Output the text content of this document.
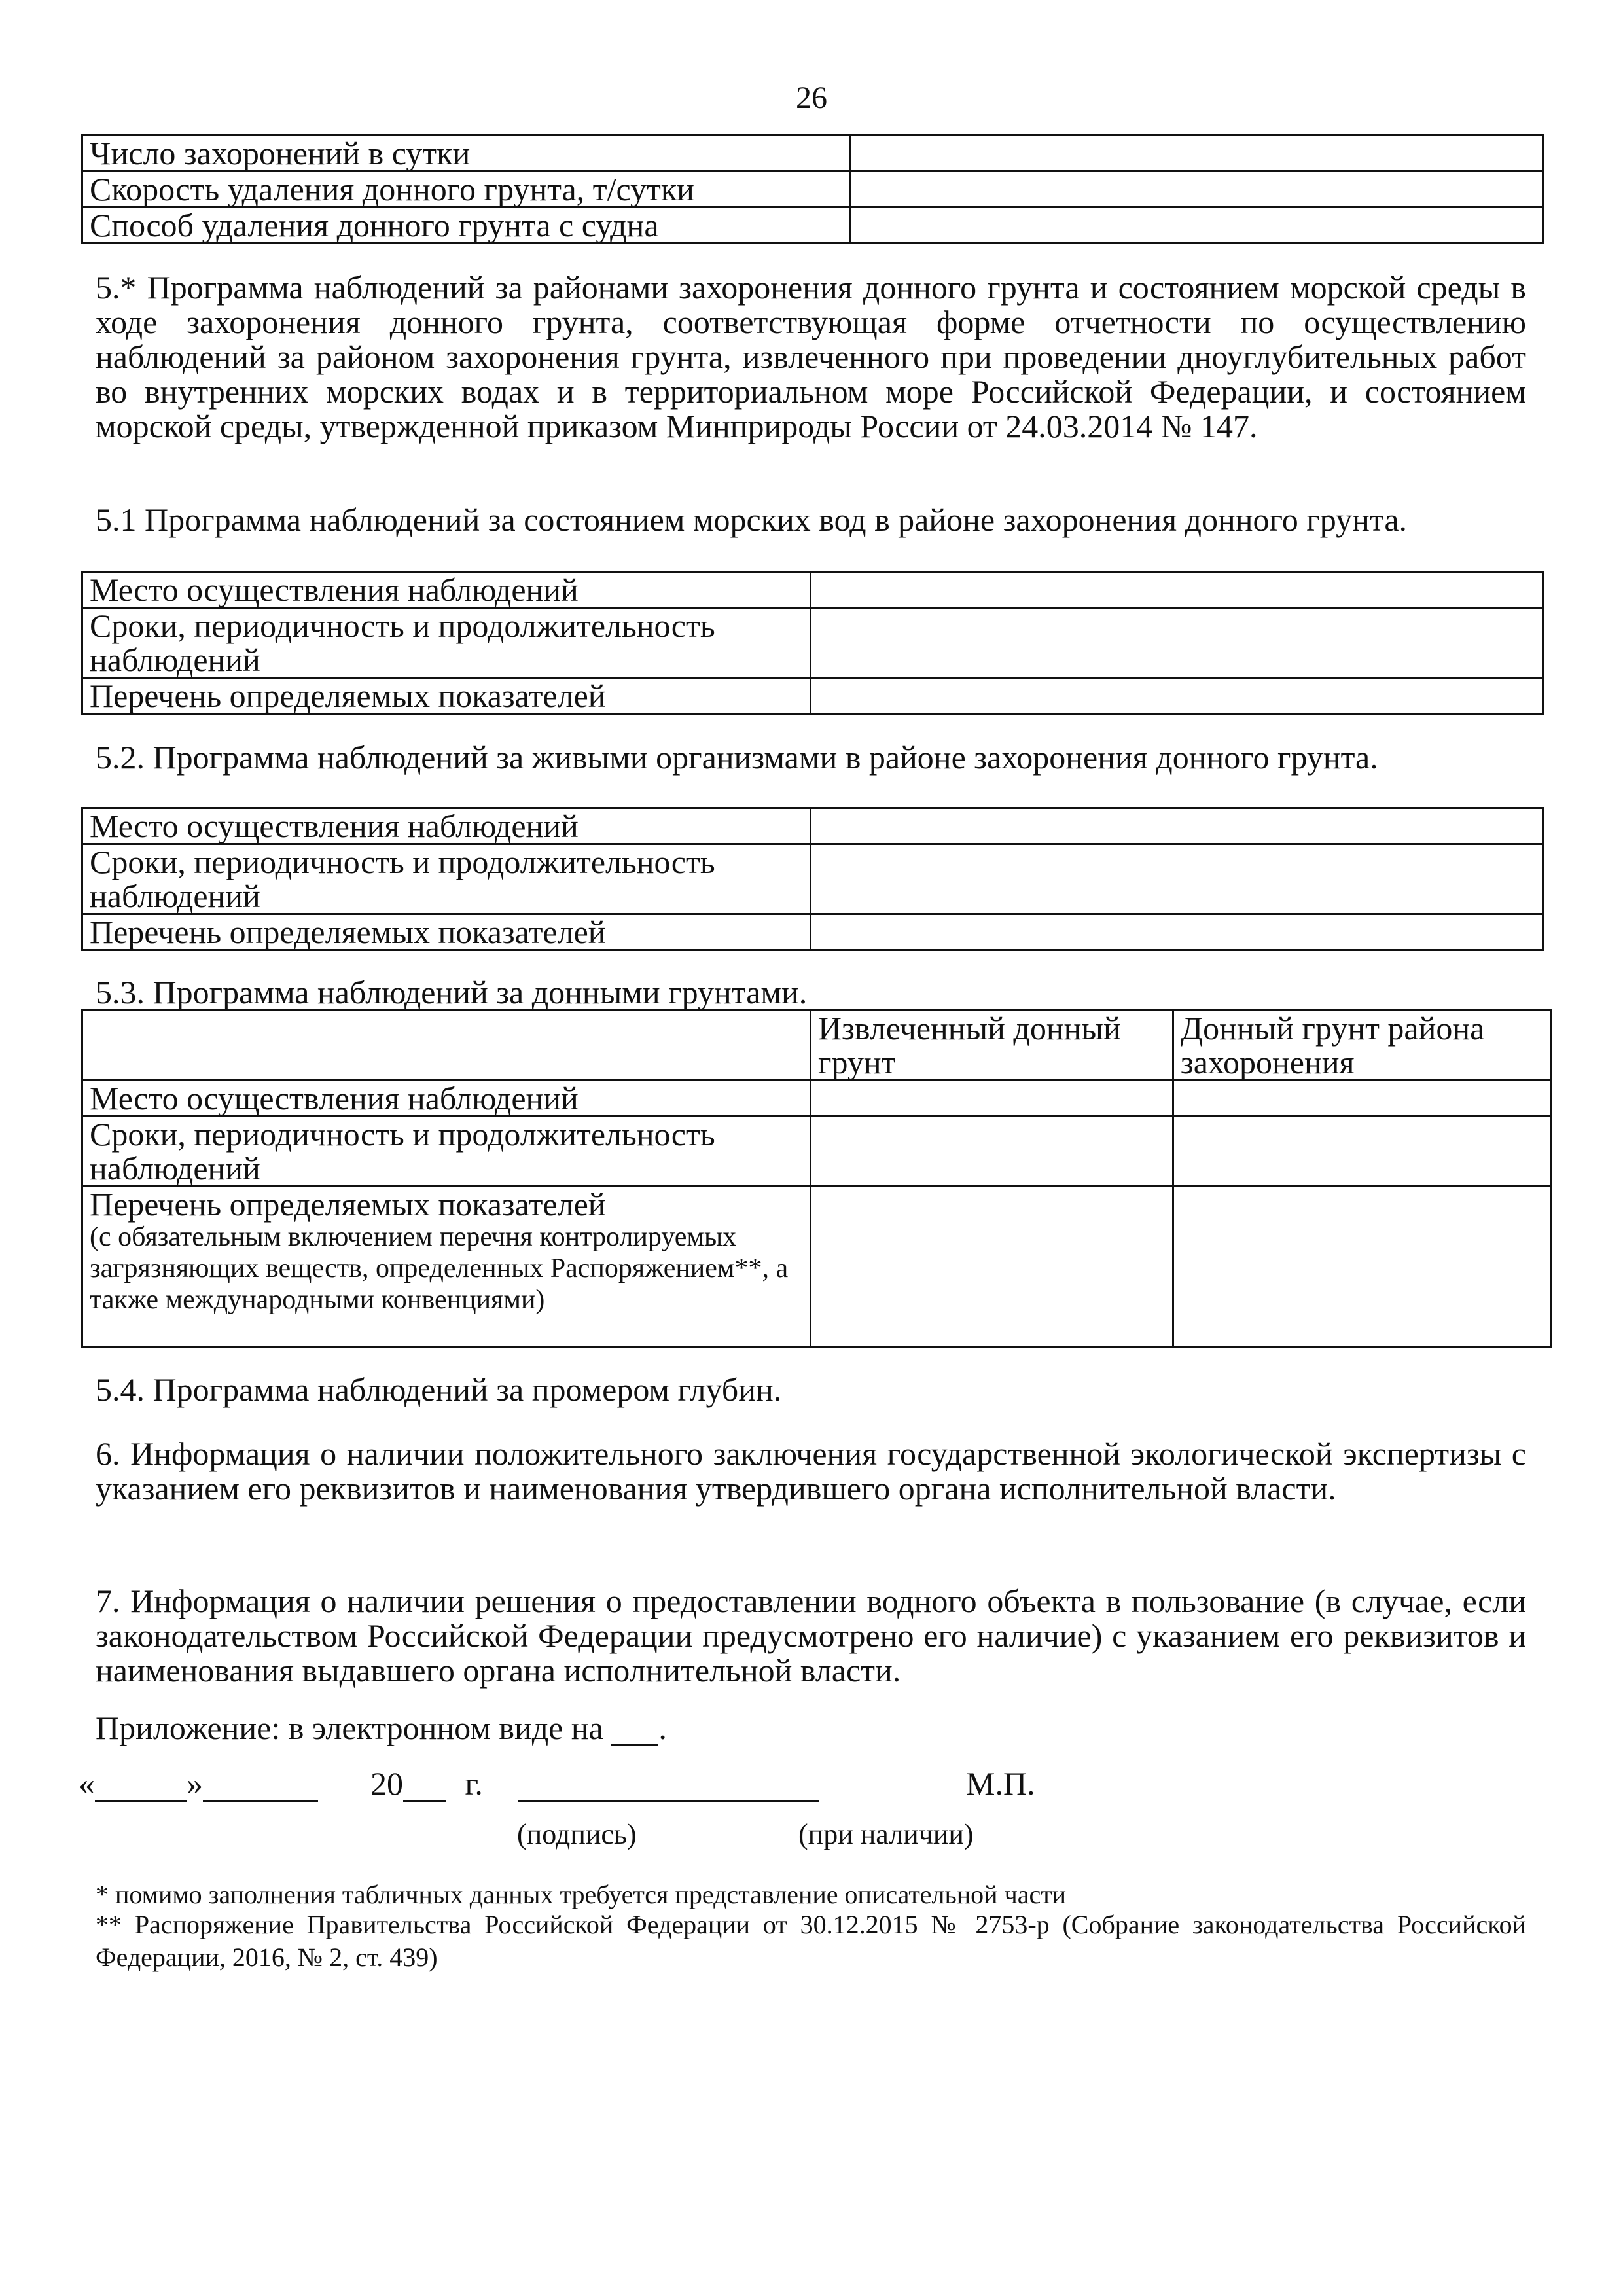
26
Число захоронений в сутки	
Скорость удаления донного грунта, т/сутки	
Способ удаления донного грунта с судна	

5.* Программа наблюдений за районами захоронения донного грунта и состоянием морской среды в ходе захоронения донного грунта, соответствующая форме отчетности по осуществлению наблюдений за районом захоронения грунта, извлеченного при проведении дноуглубительных работ во внутренних морских водах и в территориальном море Российской Федерации, и состоянием морской среды, утвержденной приказом Минприроды России от 24.03.2014 № 147.

5.1 Программа наблюдений за состоянием морских вод в районе захоронения донного грунта.

Место осуществления наблюдений	
Сроки, периодичность и продолжительность наблюдений	
Перечень определяемых показателей	

5.2. Программа наблюдений за живыми организмами в районе захоронения донного грунта.

Место осуществления наблюдений	
Сроки, периодичность и продолжительность наблюдений	
Перечень определяемых показателей	

5.3. Программа наблюдений за донными грунтами.

	Извлеченный донный грунт	Донный грунт района захоронения
Место осуществления наблюдений		
Сроки, периодичность и продолжительность наблюдений		
Перечень определяемых показателей
(с обязательным включением перечня контролируемых загрязняющих веществ, определенных Распоряжением**, а также международными конвенциями)		

5.4. Программа наблюдений за промером глубин.

6. Информация о наличии положительного заключения государственной экологической экспертизы с указанием его реквизитов и наименования утвердившего органа исполнительной власти.

7. Информация о наличии решения о предоставлении водного объекта в пользование (в случае, если законодательством Российской Федерации предусмотрено его наличие) с указанием его реквизитов и наименования выдавшего органа исполнительной власти.

Приложение: в электронном виде на .
«	»	20 г.	М.П.
(подпись)	(при наличии)
* помимо заполнения табличных данных требуется представление описательной части
** Распоряжение Правительства Российской Федерации от 30.12.2015 № 2753-р (Собрание законодательства Российской Федерации, 2016, № 2, ст. 439)
